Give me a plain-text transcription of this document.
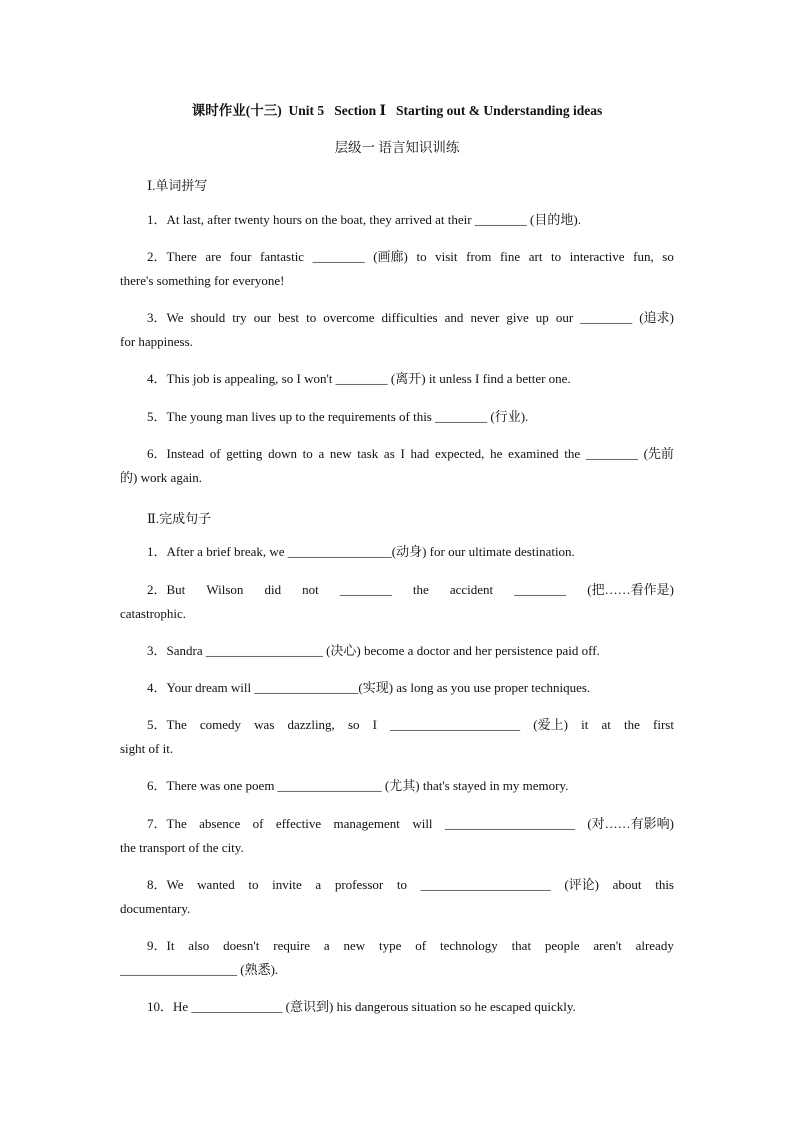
课时作业(十三)  Unit 5   Section Ⅰ   Starting out & Understanding ideas
层级一 语言知识训练
Ⅰ.单词拼写
1．At last, after twenty hours on the boat, they arrived at their ________ (目的地).
2．There are four fantastic ________ (画廊) to visit from fine art to interactive fun, so
there's something for everyone!
3．We should try our best to overcome difficulties and never give up our ________ (追求)
for happiness.
4．This job is appealing, so I won't ________ (离开) it unless I find a better one.
5．The young man lives up to the requirements of this ________ (行业).
6．Instead of getting down to a new task as I had expected, he examined the ________ (先前
的) work again.
Ⅱ.完成句子
1．After a brief break, we ________________(动身) for our ultimate destination.
2．But Wilson did not ________ the accident ________ (把……看作是)
catastrophic.
3．Sandra __________________ (决心) become a doctor and her persistence paid off.
4．Your dream will ________________(实现) as long as you use proper techniques.
5．The comedy was dazzling, so I ____________________ (爱上) it at the first
sight of it.
6．There was one poem ________________ (尤其) that's stayed in my memory.
7．The absence of effective management will ____________________ (对……有影响)
the transport of the city.
8．We wanted to invite a professor to ____________________ (评论) about this
documentary.
9．It also doesn't require a new type of technology that people aren't already
__________________ (熟悉).
10．He ______________ (意识到) his dangerous situation so he escaped quickly.
